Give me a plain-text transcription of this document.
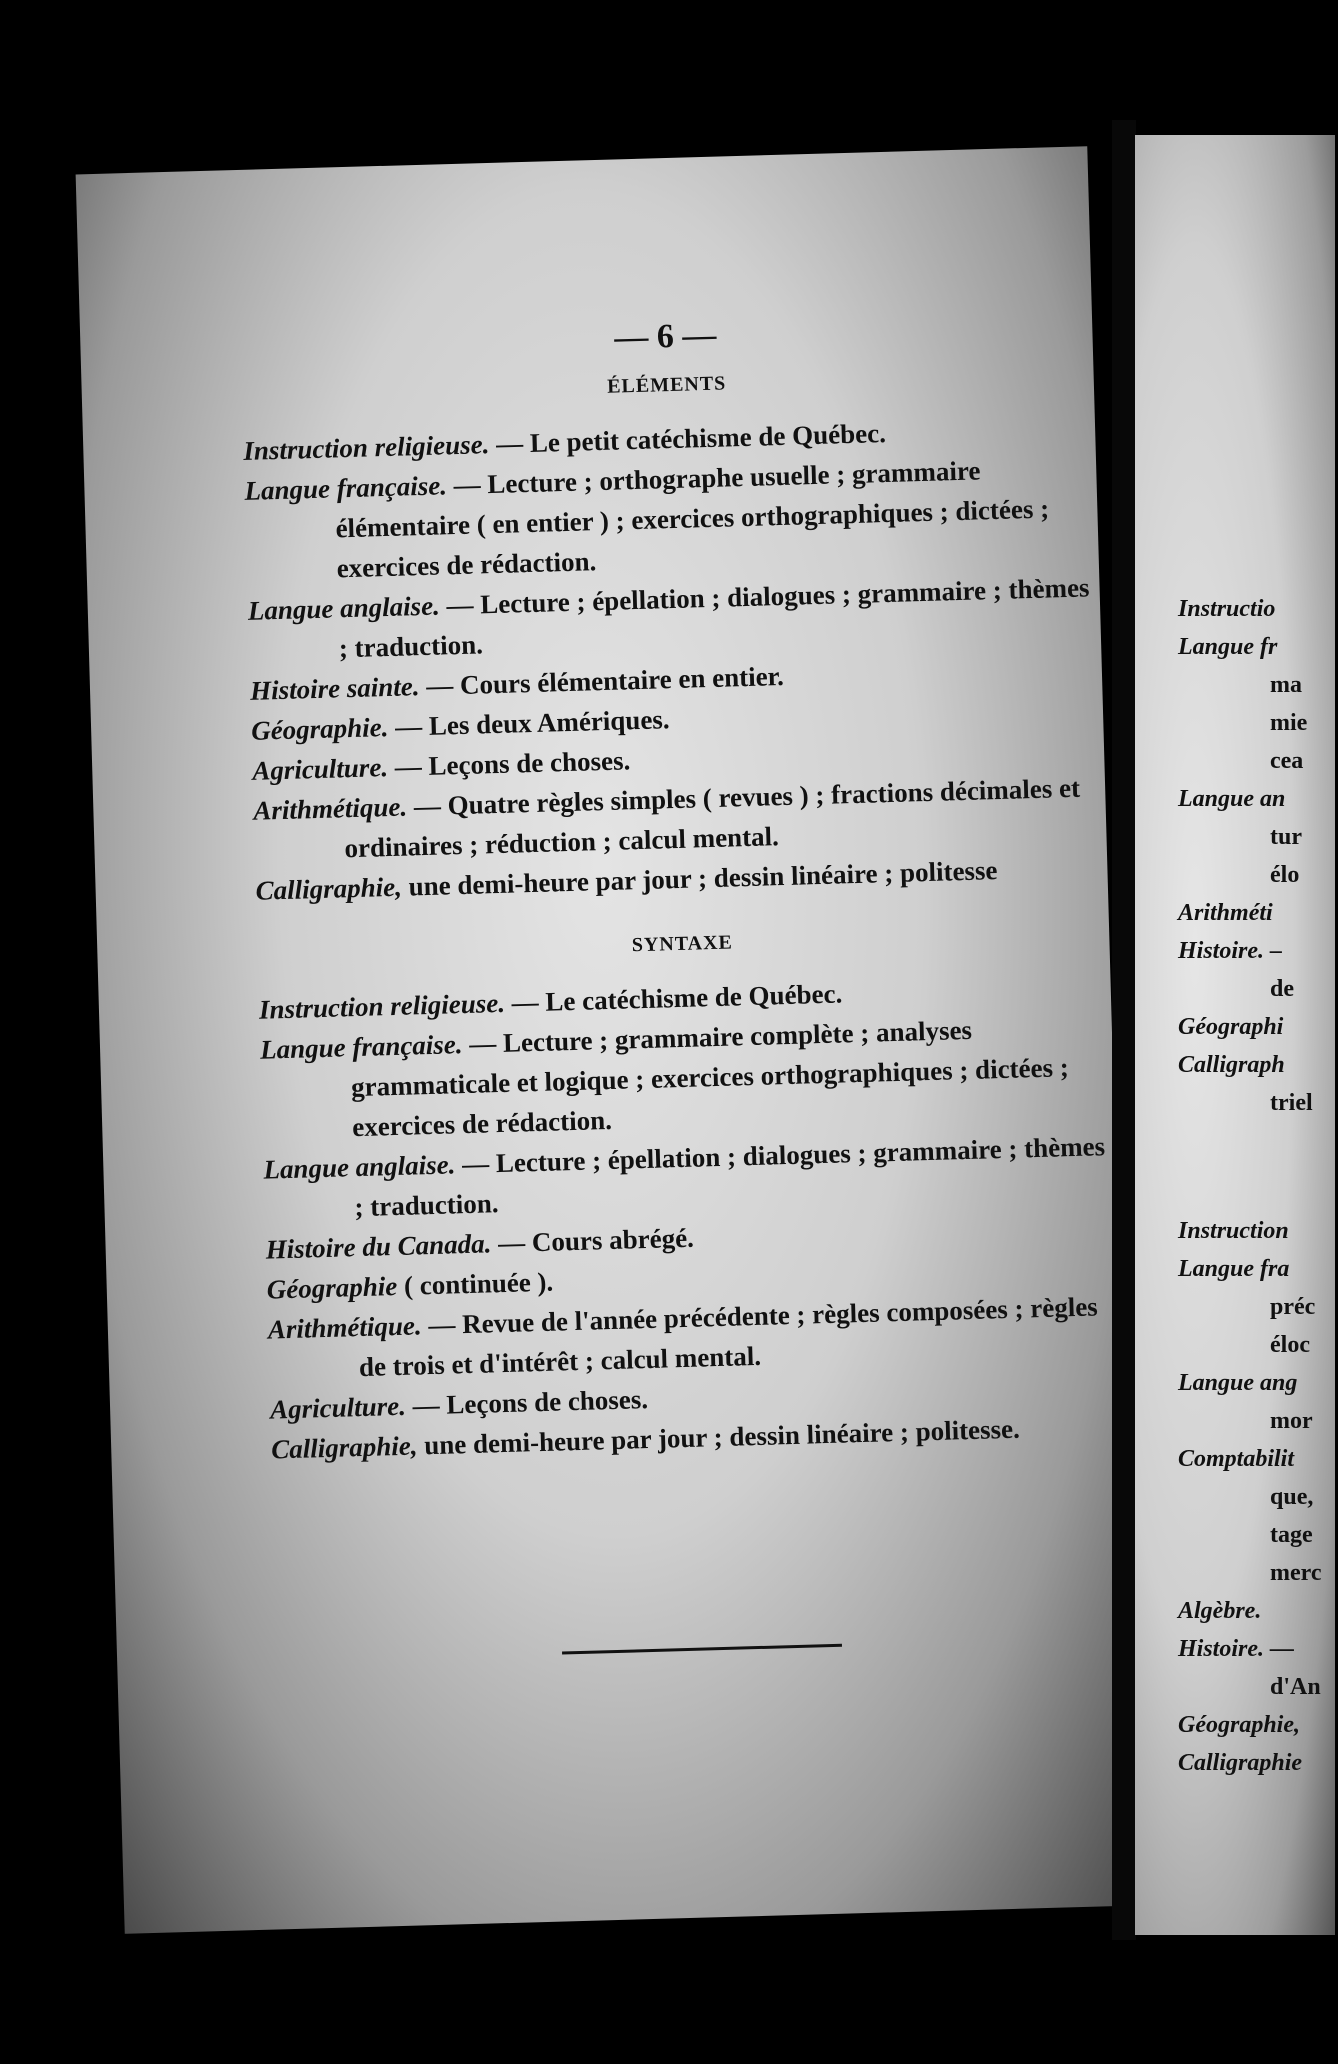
— 6 —
ÉLÉMENTS
Instruction religieuse. — Le petit catéchisme de Québec.
Langue française. — Lecture ; orthographe usuelle ; grammaire élémentaire ( en entier ) ; exercices orthographiques ; dictées ; exercices de rédaction.
Langue anglaise. — Lecture ; épellation ; dialogues ; grammaire ; thèmes ; traduction.
Histoire sainte. — Cours élémentaire en entier.
Géographie. — Les deux Amériques.
Agriculture. — Leçons de choses.
Arithmétique. — Quatre règles simples ( revues ) ; fractions décimales et ordinaires ; réduction ; calcul mental.
Calligraphie, une demi-heure par jour ; dessin linéaire ; politesse
SYNTAXE
Instruction religieuse. — Le catéchisme de Québec.
Langue française. — Lecture ; grammaire complète ; analyses grammaticale et logique ; exercices orthographiques ; dictées ; exercices de rédaction.
Langue anglaise. — Lecture ; épellation ; dialogues ; grammaire ; thèmes ; traduction.
Histoire du Canada. — Cours abrégé.
Géographie ( continuée ).
Arithmétique. — Revue de l'année précédente ; règles composées ; règles de trois et d'intérêt ; calcul mental.
Agriculture. — Leçons de choses.
Calligraphie, une demi-heure par jour ; dessin linéaire ; politesse.
Instructio
Langue fr
ma
mie
cea
Langue an
tur
élo
Arithméti
Histoire. –
de
Géographi
Calligraph
triel
Instruction
Langue fra
préc
éloc
Langue ang
mor
Comptabilit
que,
tage
merc
Algèbre.
Histoire. —
d'An
Géographie,
Calligraphie
